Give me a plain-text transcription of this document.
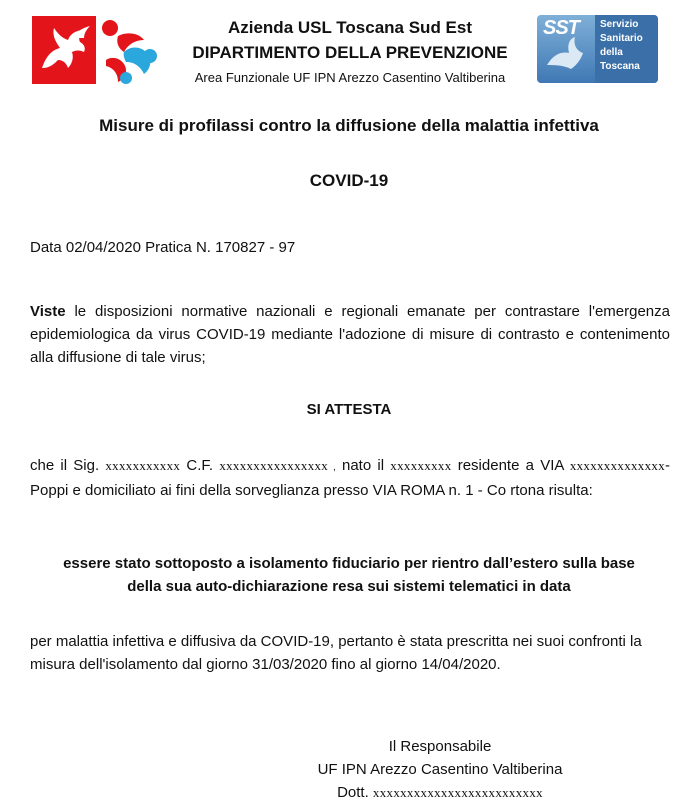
Azienda USL Toscana Sud Est
DIPARTIMENTO DELLA PREVENZIONE
Area Funzionale UF IPN Arezzo Casentino Valtiberina
SST Servizio
Sanitario
della
Toscana
Misure di profilassi contro la diffusione della malattia infettiva
COVID-19
Data 02/04/2020 Pratica N. 170827 - 97
Viste le disposizioni normative nazionali e regionali emanate per contrastare l'emergenza epidemiologica da virus COVID-19 mediante l'adozione di misure di contrasto e contenimento alla diffusione di tale virus;
SI ATTESTA
che il Sig. xxxxxxxxxxx C.F. xxxxxxxxxxxxxxxx , nato il xxxxxxxxx residente a VIA xxxxxxxxxxxxxx- Poppi e domiciliato ai fini della sorveglianza presso VIA ROMA n. 1 - Co rtona risulta:
essere stato sottoposto a isolamento fiduciario per rientro dall’estero sulla base
della sua auto-dichiarazione resa sui sistemi telematici in data
per malattia infettiva e diffusiva da COVID-19, pertanto è stata prescritta nei suoi confronti la misura dell'isolamento dal giorno 31/03/2020 fino al giorno 14/04/2020.
Il Responsabile
UF IPN Arezzo Casentino Valtiberina
Dott. xxxxxxxxxxxxxxxxxxxxxxxxx
